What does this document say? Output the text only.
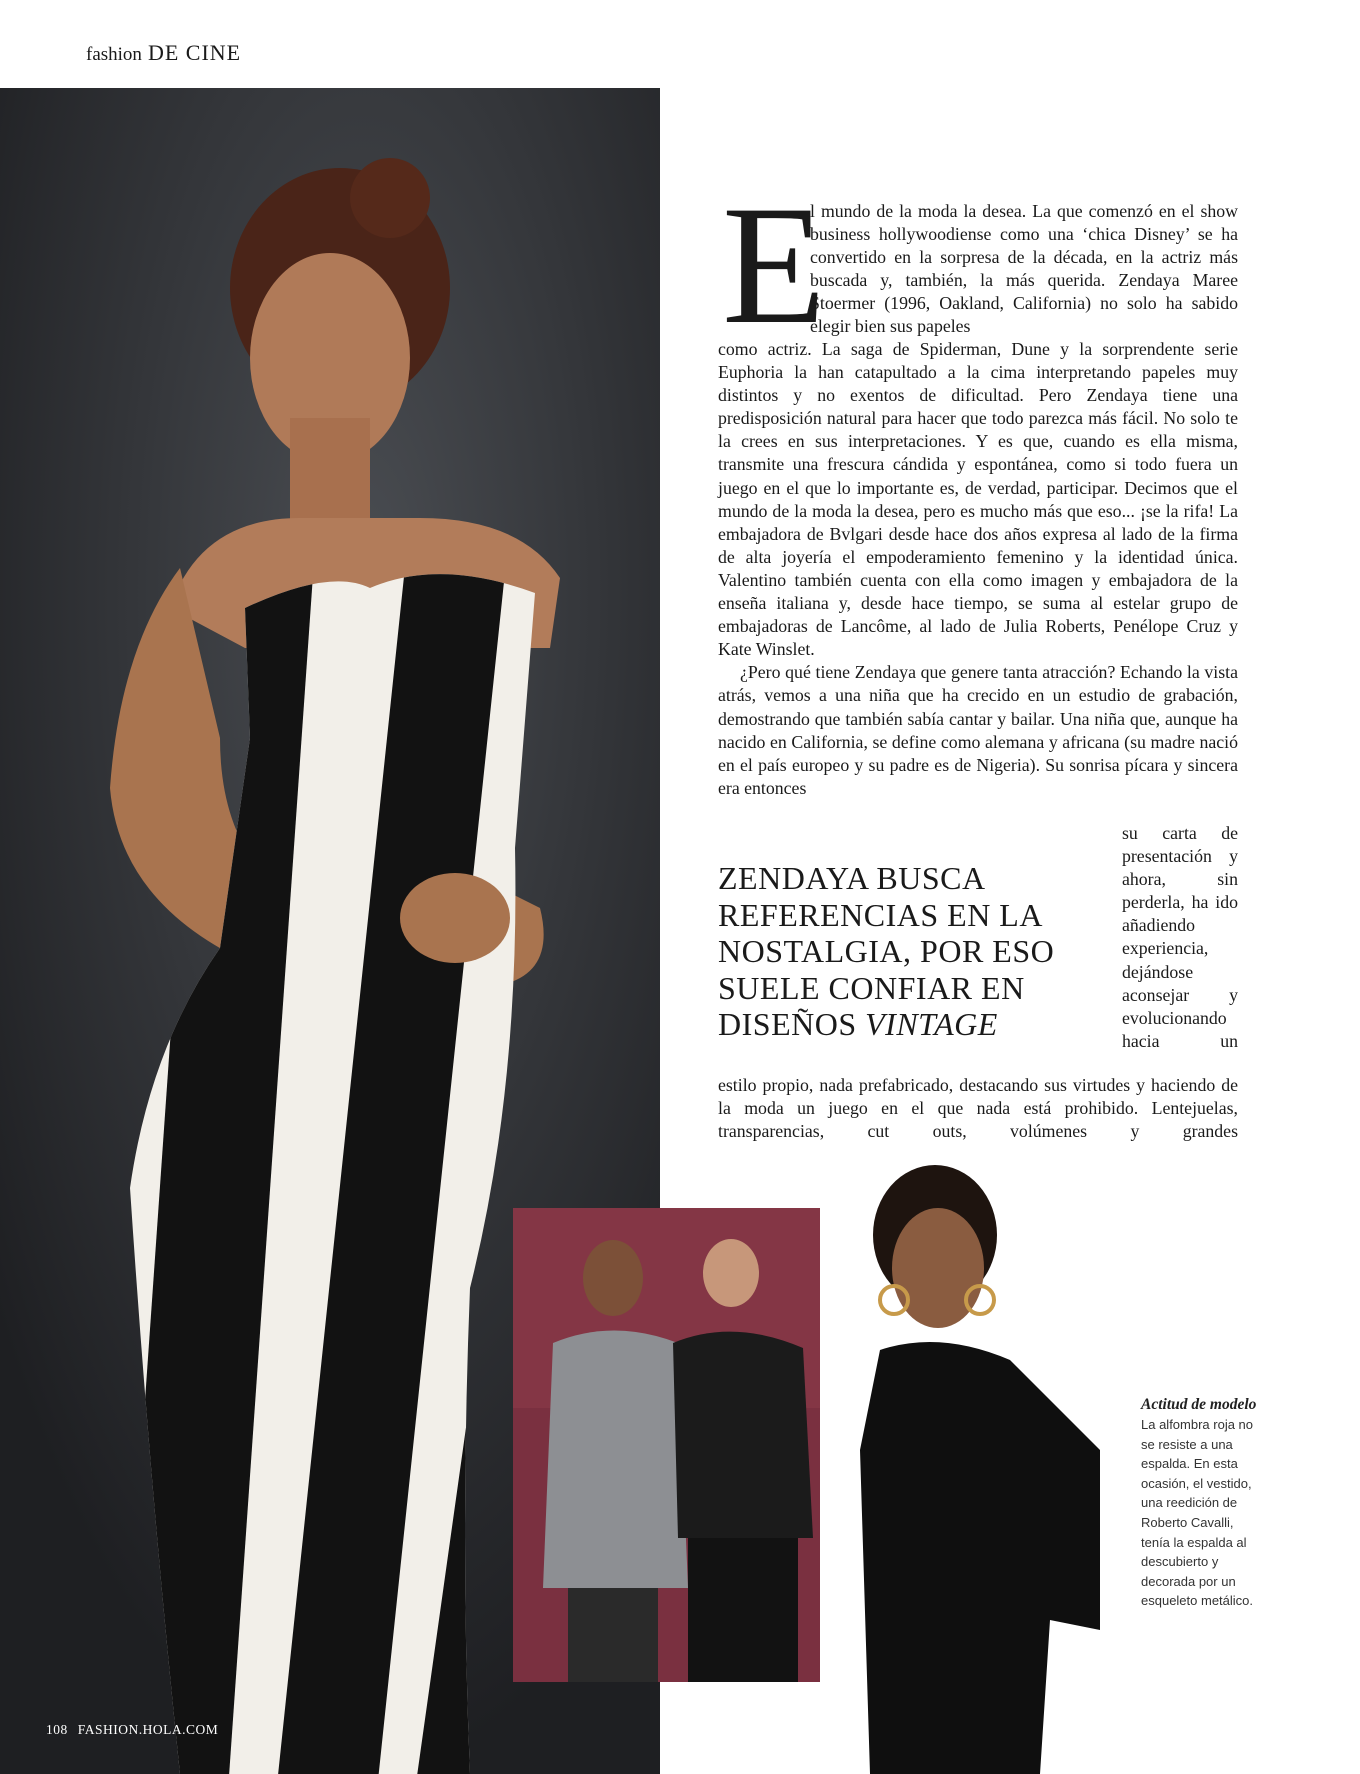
fashion DE CINE
108 FASHION.HOLA.COM
E

l mundo de la moda la desea. La que comenzó en el show business hollywoodiense como una ‘chica Disney’ se ha convertido en la sorpresa de la década, en la actriz más buscada y, también, la más querida. Zendaya Maree Stoermer (1996, Oakland, California) no solo ha sabido elegir bien sus papeles

como actriz. La saga de Spiderman, Dune y la sorprendente serie Euphoria la han catapultado a la cima interpretando papeles muy distintos y no exentos de dificultad. Pero Zendaya tiene una predisposición natural para hacer que todo parezca más fácil. No solo te la crees en sus interpretaciones. Y es que, cuando es ella misma, transmite una frescura cándida y espontánea, como si todo fuera un juego en el que lo importante es, de verdad, participar. Decimos que el mundo de la moda la desea, pero es mucho más que eso... ¡se la rifa! La embajadora de Bvlgari desde hace dos años expresa al lado de la firma de alta joyería el empoderamiento femenino y la identidad única. Valentino también cuenta con ella como imagen y embajadora de la enseña italiana y, desde hace tiempo, se suma al estelar grupo de embajadoras de Lancôme, al lado de Julia Roberts, Penélope Cruz y Kate Winslet.

¿Pero qué tiene Zendaya que genere tanta atracción? Echando la vista atrás, vemos a una niña que ha crecido en un estudio de grabación, demostrando que también sabía cantar y bailar. Una niña que, aunque ha nacido en California, se define como alemana y africana (su madre nació en el país europeo y su padre es de Nigeria). Su sonrisa pícara y sincera era entonces

ZENDAYA BUSCA REFERENCIAS EN LA NOSTALGIA, POR ESO SUELE CONFIAR EN DISEÑOS VINTAGE
su carta de presentación y ahora, sin perderla, ha ido añadiendo experiencia, dejándose aconsejar y evolucionando hacia un
estilo propio, nada prefabricado, destacando sus virtudes y haciendo de la moda un juego en el que nada está prohibido. Lentejuelas, transparencias, cut outs, volúmenes y grandes
Actitud de modelo
La alfombra roja no se resiste a una espalda. En esta ocasión, el vestido, una reedición de Roberto Cavalli, tenía la espalda al descubierto y decorada por un esqueleto metálico.
